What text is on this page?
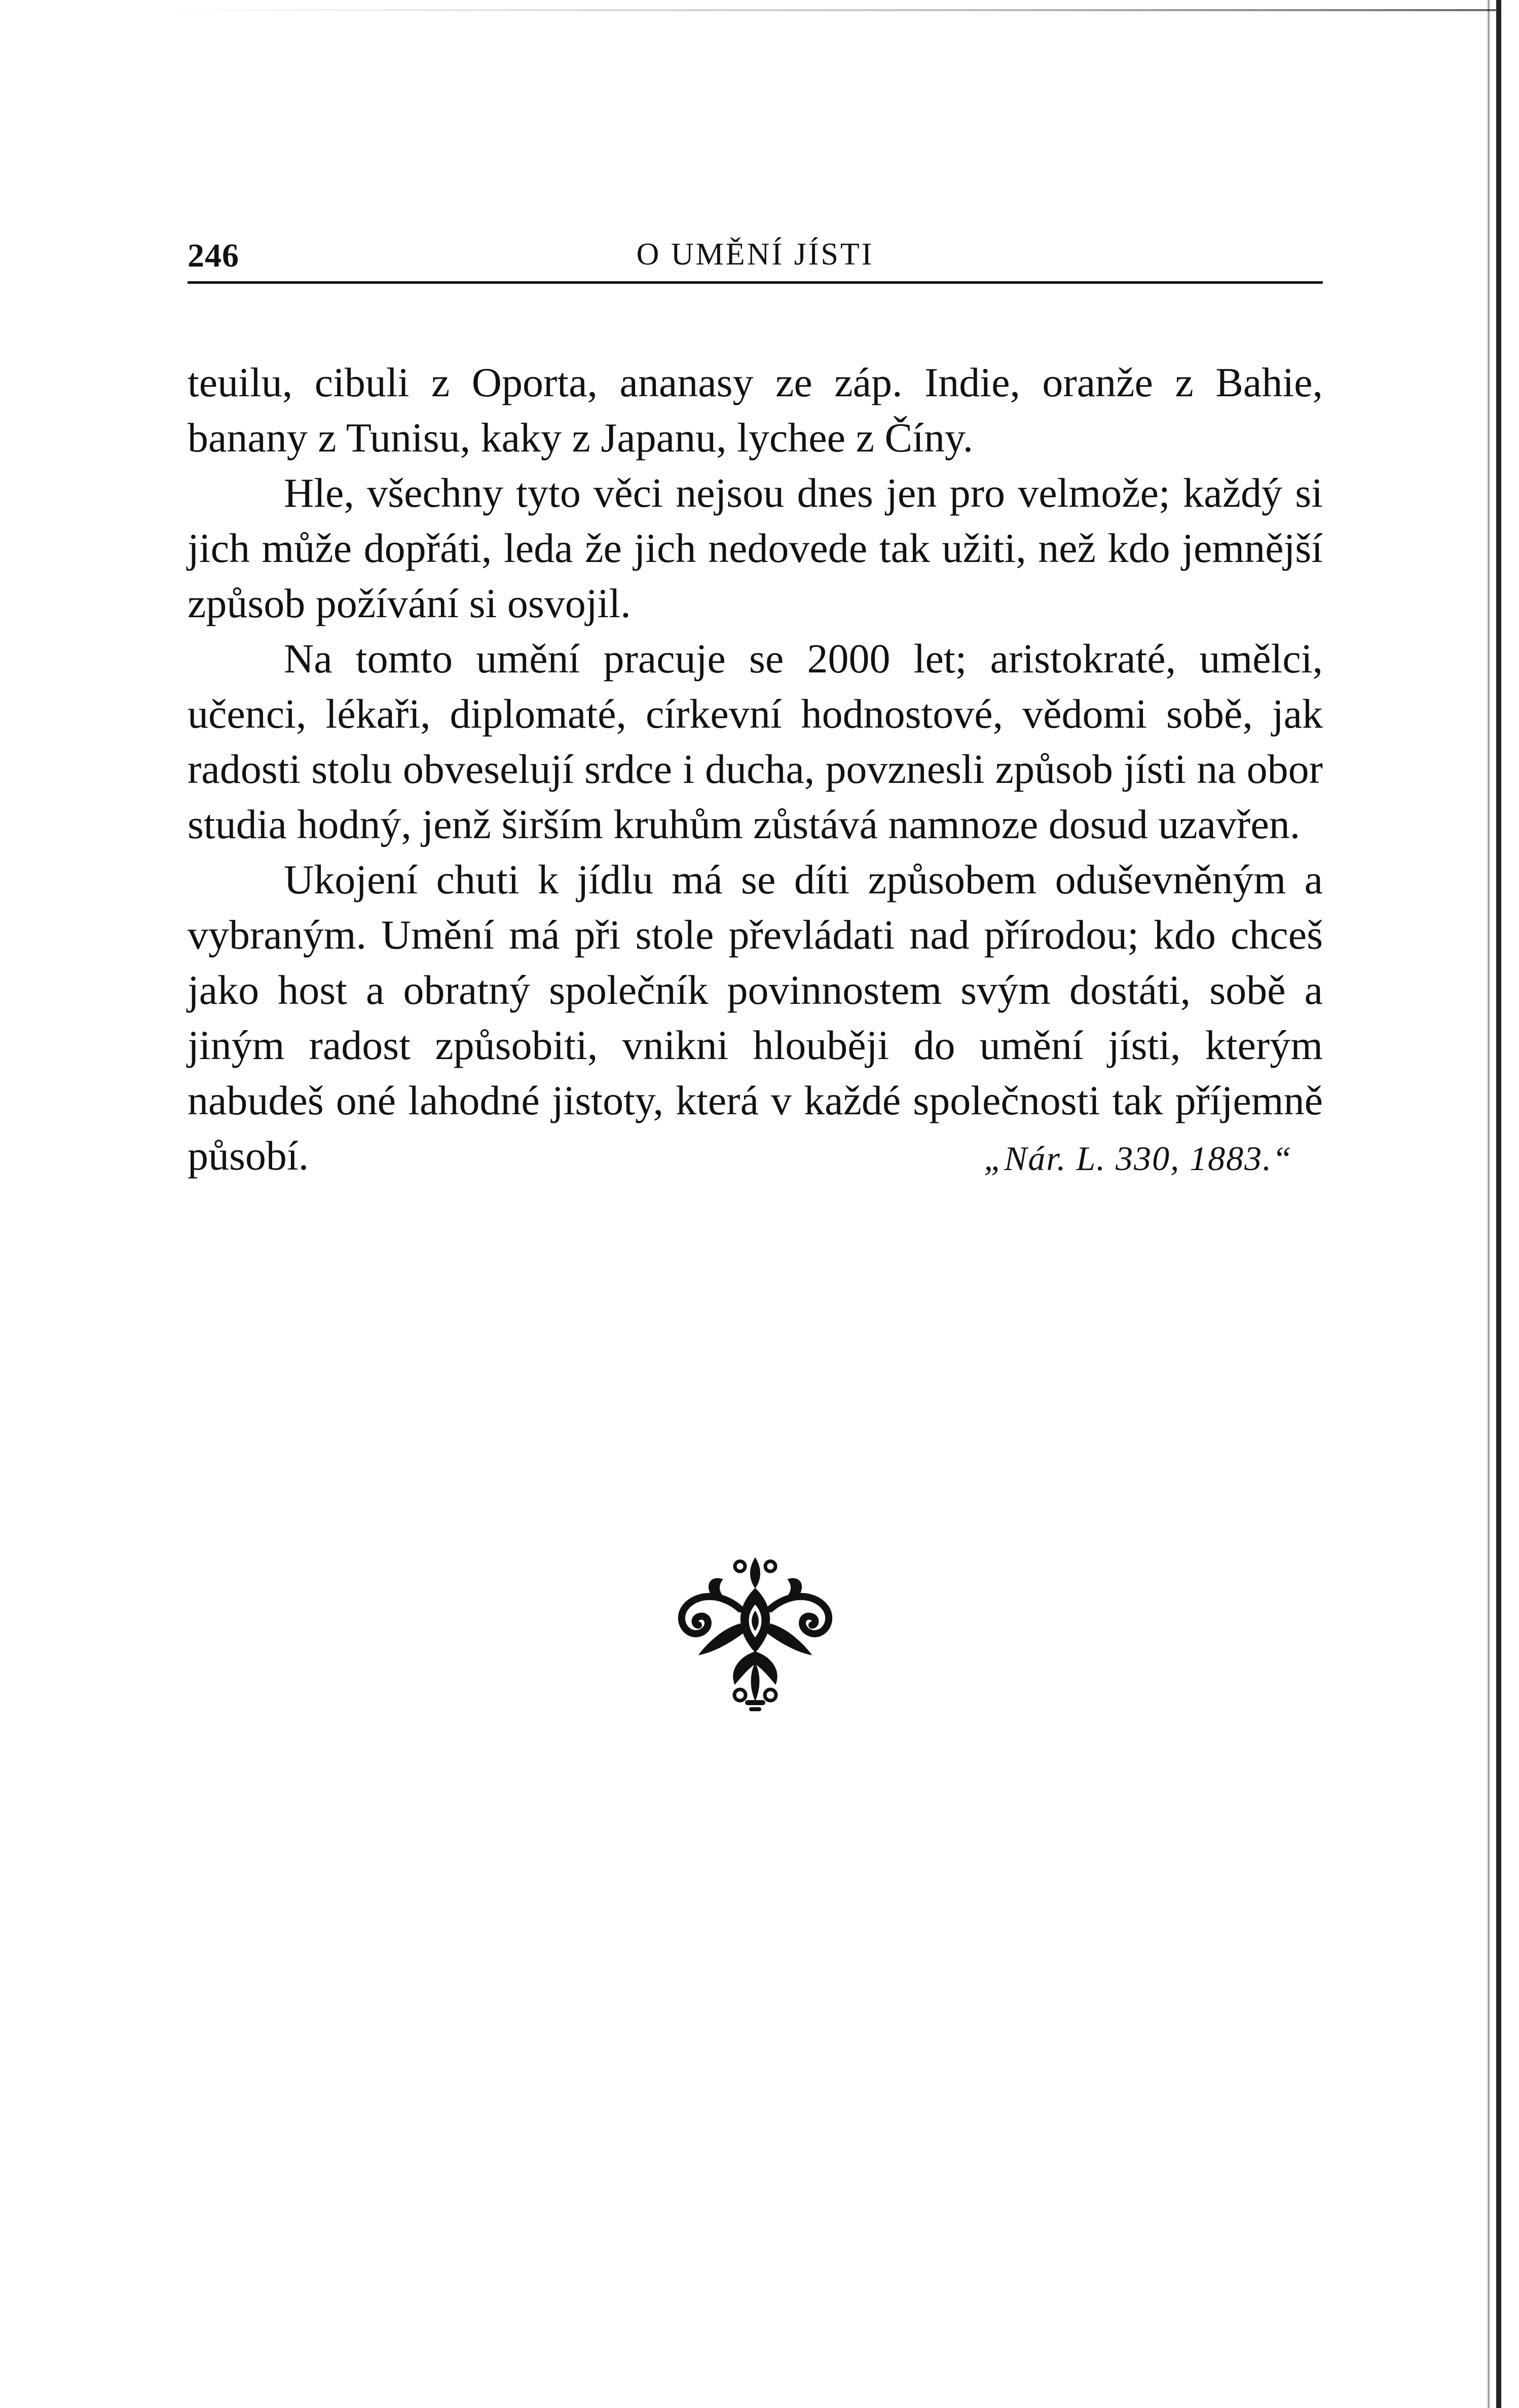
246	O UMĚNÍ JÍSTI

teuilu, cibuli z Oporta, ananasy ze záp. Indie, oranže z Bahie, banany z Tunisu, kaky z Japanu, lychee z Číny.

Hle, všechny tyto věci nejsou dnes jen pro velmože; každý si jich může dopřáti, leda že jich nedovede tak užiti, než kdo jemnější způsob požívání si osvojil.

Na tomto umění pracuje se 2000 let; aristokraté, umělci, učenci, lékaři, diplomaté, církevní hodnostové, vědomi sobě, jak radosti stolu obveselují srdce i ducha, povznesli způsob jísti na obor studia hodný, jenž širším kruhům zůstává namnoze dosud uzavřen.

Ukojení chuti k jídlu má se díti způsobem oduševněným a vybraným. Umění má při stole převládati nad přírodou; kdo chceš jako host a obratný společník povinnostem svým dostáti, sobě a jiným radost způsobiti, vnikni hlouběji do umění jísti, kterým nabudeš oné lahodné jistoty, která v každé společnosti tak příjemně

působí.	„Nár. L. 330, 1883.“
